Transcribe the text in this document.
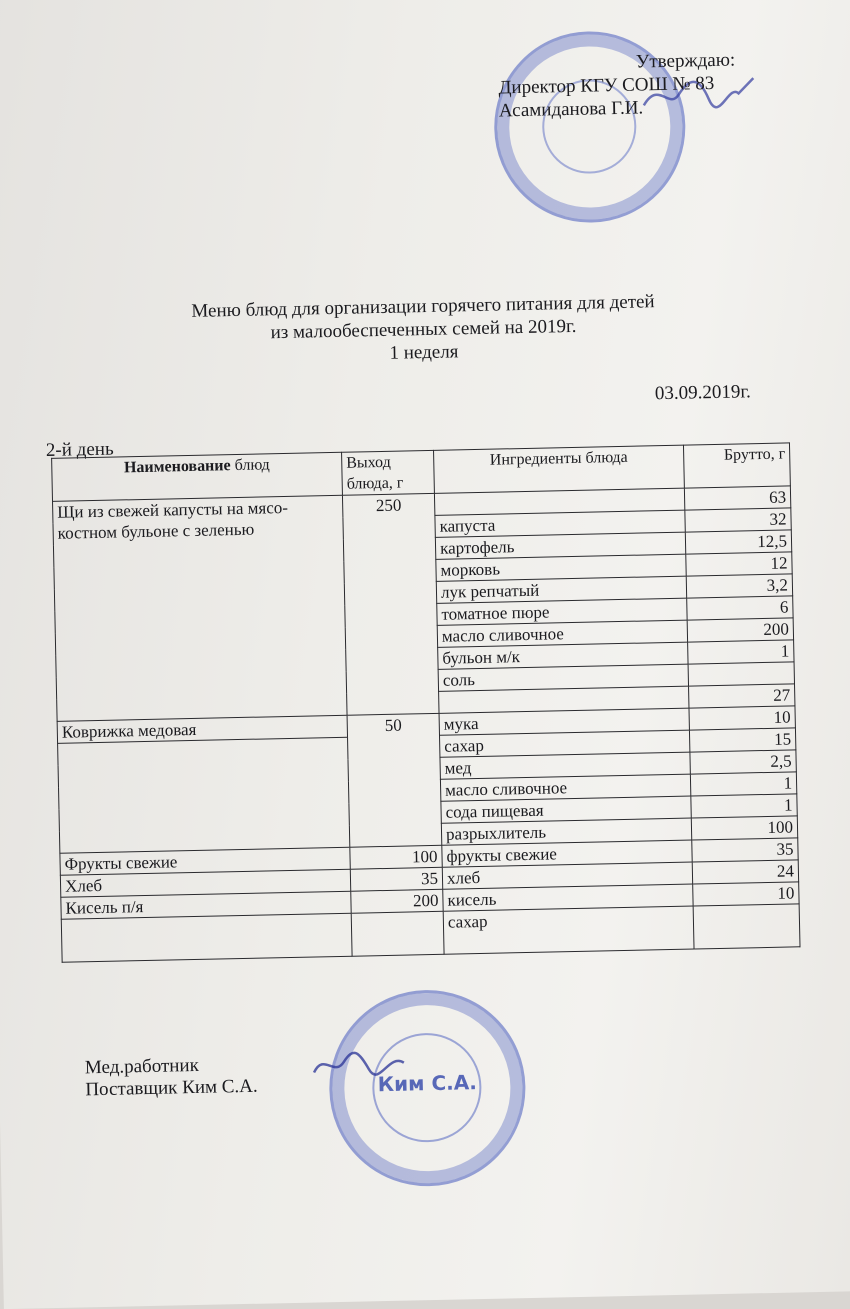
Утверждаю:
Директор КГУ СОШ № 83
Асамиданова Г.И.
Меню блюд для организации горячего питания для детей
из малообеспеченных семей на 2019г.
1 неделя
03.09.2019г.
2-й день
Наименование блюд	Выход блюда, г	Ингредиенты блюда	Брутто, г
Щи из свежей капусты на мясо-костном бульоне с зеленью	250		63
		капуста	32
		картофель	12,5
		морковь	12
		лук репчатый	3,2
		томатное пюре	6
		масло сливочное	200
		бульон м/к	1
		соль	
			27
Коврижка медовая	50	мука	10
		сахар	15
		мед	2,5
		масло сливочное	1
		сода пищевая	1
		разрыхлитель	100
Фрукты свежие	100	фрукты свежие	35
Хлеб	35	хлеб	24
Кисель п/я	200	кисель	10
		сахар	
Мед.работник
Поставщик Ким С.А.	Ким С.А.
